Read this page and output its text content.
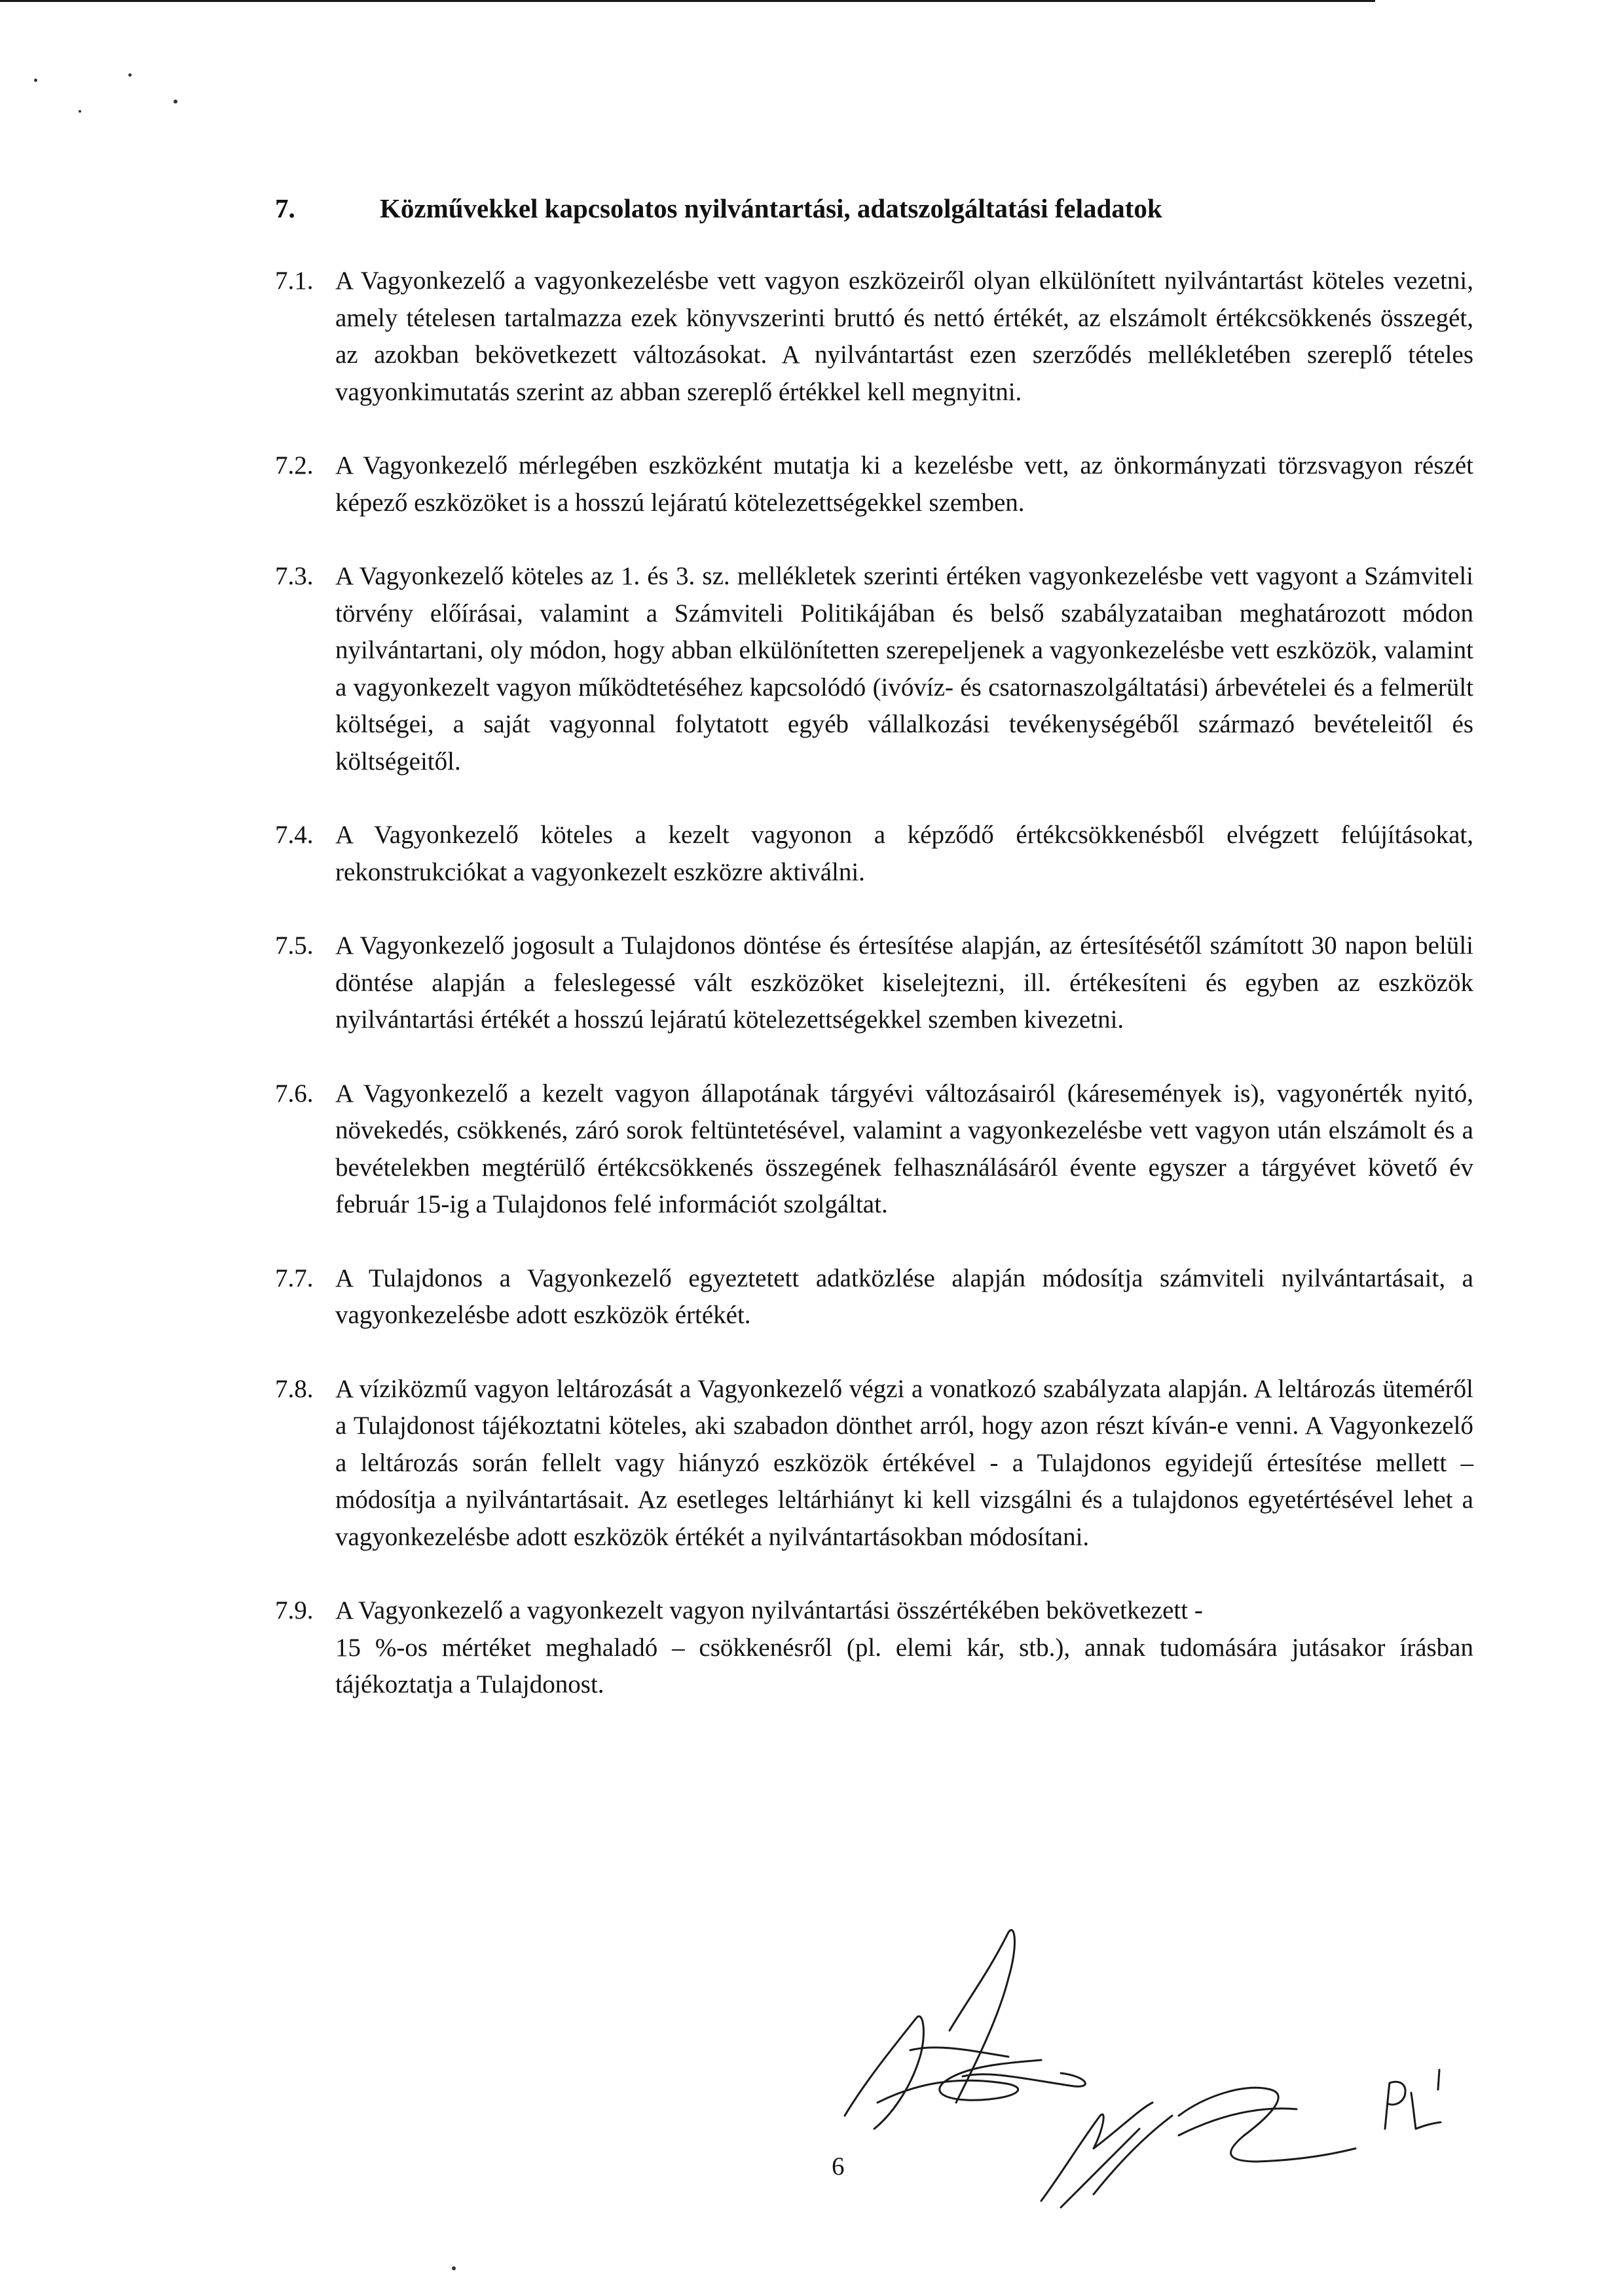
7.	Közművekkel kapcsolatos nyilvántartási, adatszolgáltatási feladatok
7.1. A Vagyonkezelő a vagyonkezelésbe vett vagyon eszközeiről olyan elkülönített nyilvántartást köteles vezetni, amely tételesen tartalmazza ezek könyvszerinti bruttó és nettó értékét, az elszámolt értékcsökkenés összegét, az azokban bekövetkezett változásokat. A nyilvántartást ezen szerződés mellékletében szereplő tételes vagyonkimutatás szerint az abban szereplő értékkel kell megnyitni.
7.2. A Vagyonkezelő mérlegében eszközként mutatja ki a kezelésbe vett, az önkormányzati törzsvagyon részét képező eszközöket is a hosszú lejáratú kötelezettségekkel szemben.
7.3. A Vagyonkezelő köteles az 1. és 3. sz. mellékletek szerinti értéken vagyonkezelésbe vett vagyont a Számviteli törvény előírásai, valamint a Számviteli Politikájában és belső szabályzataiban meghatározott módon nyilvántartani, oly módon, hogy abban elkülönítetten szerepeljenek a vagyonkezelésbe vett eszközök, valamint a vagyonkezelt vagyon működtetéséhez kapcsolódó (ivóvíz- és csatornaszolgáltatási) árbevételei és a felmerült költségei, a saját vagyonnal folytatott egyéb vállalkozási tevékenységéből származó bevételeitől és költségeitől.
7.4. A Vagyonkezelő köteles a kezelt vagyonon a képződő értékcsökkenésből elvégzett felújításokat, rekonstrukciókat a vagyonkezelt eszközre aktiválni.
7.5. A Vagyonkezelő jogosult a Tulajdonos döntése és értesítése alapján, az értesítésétől számított 30 napon belüli döntése alapján a feleslegessé vált eszközöket kiselejtezni, ill. értékesíteni és egyben az eszközök nyilvántartási értékét a hosszú lejáratú kötelezettségekkel szemben kivezetni.
7.6. A Vagyonkezelő a kezelt vagyon állapotának tárgyévi változásairól (káresemények is), vagyonérték nyitó, növekedés, csökkenés, záró sorok feltüntetésével, valamint a vagyonkezelésbe vett vagyon után elszámolt és a bevételekben megtérülő értékcsökkenés összegének felhasználásáról évente egyszer a tárgyévet követő év február 15-ig a Tulajdonos felé információt szolgáltat.
7.7. A Tulajdonos a Vagyonkezelő egyeztetett adatközlése alapján módosítja számviteli nyilvántartásait, a vagyonkezelésbe adott eszközök értékét.
7.8. A víziközmű vagyon leltározását a Vagyonkezelő végzi a vonatkozó szabályzata alapján. A leltározás üteméről a Tulajdonost tájékoztatni köteles, aki szabadon dönthet arról, hogy azon részt kíván-e venni. A Vagyonkezelő a leltározás során fellelt vagy hiányzó eszközök értékével - a Tulajdonos egyidejű értesítése mellett – módosítja a nyilvántartásait. Az esetleges leltárhiányt ki kell vizsgálni és a tulajdonos egyetértésével lehet a vagyonkezelésbe adott eszközök értékét a nyilvántartásokban módosítani.
7.9. A Vagyonkezelő a vagyonkezelt vagyon nyilvántartási összértékében bekövetkezett -
15 %-os mértéket meghaladó – csökkenésről (pl. elemi kár, stb.), annak tudomására jutásakor írásban tájékoztatja a Tulajdonost.
6
